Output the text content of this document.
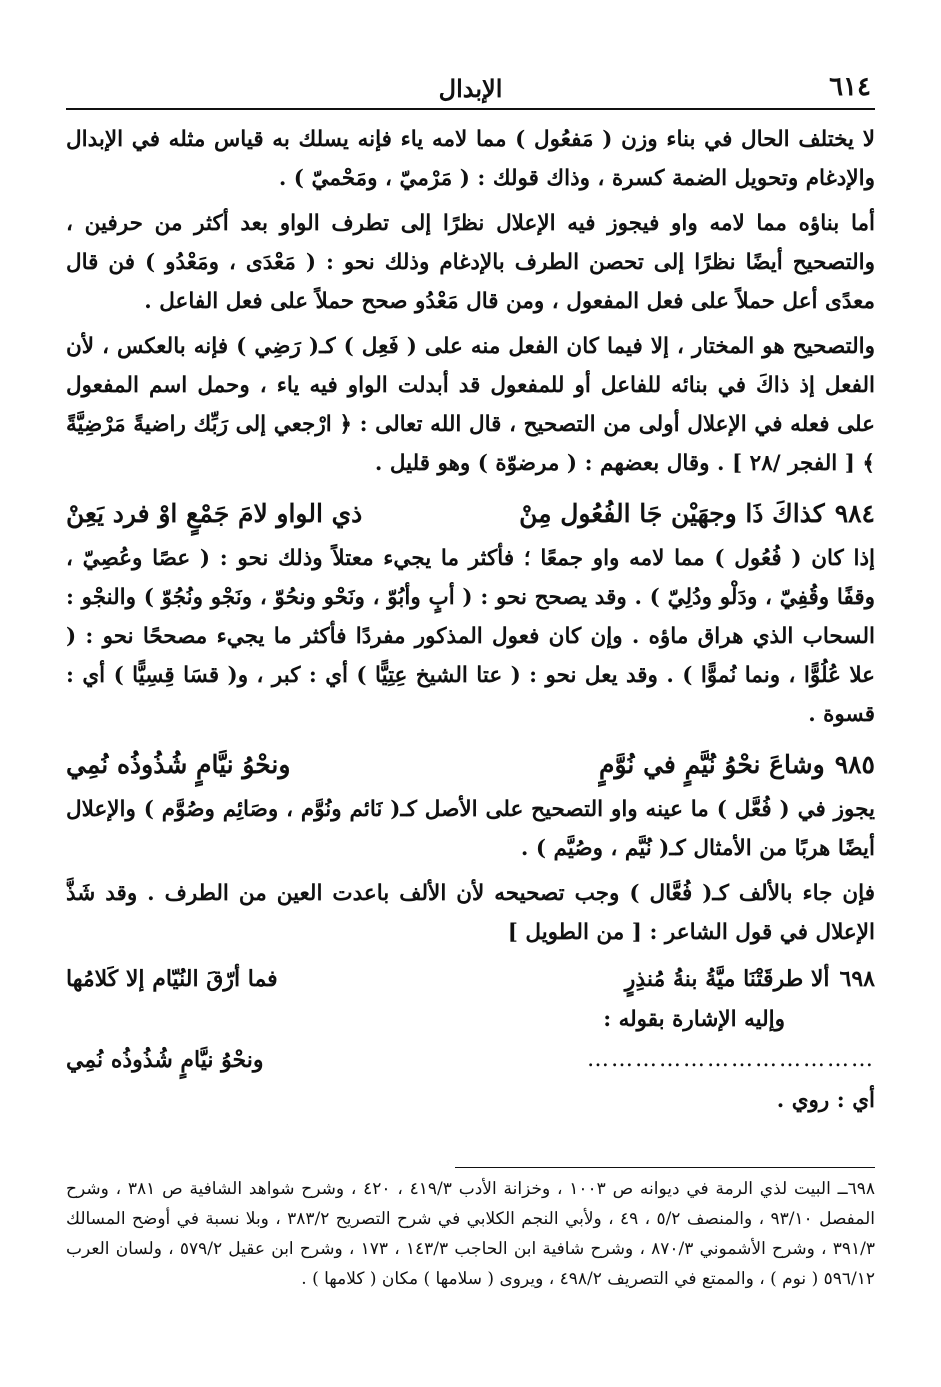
٦١٤
الإبدال

لا يختلف الحال في بناء وزن ( مَفعُول ) مما لامه ياء فإنه يسلك به قياس مثله في الإبدال والإدغام وتحويل الضمة كسرة ، وذاك قولك : ( مَرْميّ ، ومَحْميّ ) .

أما بناؤه مما لامه واو فيجوز فيه الإعلال نظرًا إلى تطرف الواو بعد أكثر من حرفين ، والتصحيح أيضًا نظرًا إلى تحصن الطرف بالإدغام وذلك نحو : ( مَعْدَى ، ومَعْدُو ) فن قال معدًى أعل حملاً على فعل المفعول ، ومن قال مَعْدُو صحح حملاً على فعل الفاعل .

والتصحيح هو المختار ، إلا فيما كان الفعل منه على ( فَعِل ) كـ( رَضِي ) فإنه بالعكس ، لأن الفعل إذ ذاكَ في بنائه للفاعل أو للمفعول قد أبدلت الواو فيه ياء ، وحمل اسم المفعول على فعله في الإعلال أولى من التصحيح ، قال الله تعالى : ﴿ ارْجعي إلى رَبِّك راضيةً مَرْضِيَّةً ﴾ [ الفجر /٢٨ ] . وقال بعضهم : ( مرضوّة ) وهو قليل .

٩٨٤كذاكَ ذَا وجهَيْن جَا الفُعُول مِنْ
ذي الواو لامَ جَمْعٍ اوْ فرد يَعِنْ

إذا كان ( فُعُول ) مما لامه واو جمعًا ؛ فأكثر ما يجيء معتلاً وذلك نحو : ( عصًا وعُصِيّ ، وقفًا وقُفِيّ ، ودَلْو ودُلِيّ ) . وقد يصحح نحو : ( أبٍ وأبُوّ ، ونَحْو ونحُوّ ، ونَجْو ونُجُوّ ) والنجْو : السحاب الذي هراق ماؤه . وإن كان فعول المذكور مفردًا فأكثر ما يجيء مصححًا نحو : ( علا عُلُوًّا ، ونما نُموًّا ) . وقد يعل نحو : ( عتا الشيخ عِتِيًّا ) أي : كبر ، و( قسَا قِسِيًّا ) أي : قسوة .

٩٨٥وشاعَ نحْوُ نُيَّمٍ في نُوَّمٍ
ونحْوُ نيَّامٍ شُذُوذُه نُمِي

يجوز في ( فُعَّل ) ما عينه واو التصحيح على الأصل كـ( نَائم ونُوَّم ، وصَائِم وصُوَّم ) والإعلال أيضًا هربًا من الأمثال كـ( نُيَّم ، وصُيَّم ) .

فإن جاء بالألف كـ( فُعَّال ) وجب تصحيحه لأن الألف باعدت العين من الطرف . وقد شَذَّ الإعلال في قول الشاعر : [ من الطويل ]

٦٩٨ألا طرقَتْنَا ميَّةُ بنةُ مُنذِرٍ
فما أرّقَ النُيّام إلا كَلامُها
وإليه الإشارة بقوله :
………………………………
ونحْوُ نيَّامٍ شُذُوذُه نُمِي

أي : روي .

٦٩٨ــ البيت لذي الرمة في ديوانه ص ١٠٠٣ ، وخزانة الأدب ٤١٩/٣ ، ٤٢٠ ، وشرح شواهد الشافية ص ٣٨١ ، وشرح المفصل ٩٣/١٠ ، والمنصف ٥/٢ ، ٤٩ ، ولأبي النجم الكلابي في شرح التصريح ٣٨٣/٢ ، وبلا نسبة في أوضح المسالك ٣٩١/٣ ، وشرح الأشموني ٨٧٠/٣ ، وشرح شافية ابن الحاجب ١٤٣/٣ ، ١٧٣ ، وشرح ابن عقيل ٥٧٩/٢ ، ولسان العرب ٥٩٦/١٢ ( نوم ) ، والممتع في التصريف ٤٩٨/٢ ، ويروى ( سلامها ) مكان ( كلامها ) .
